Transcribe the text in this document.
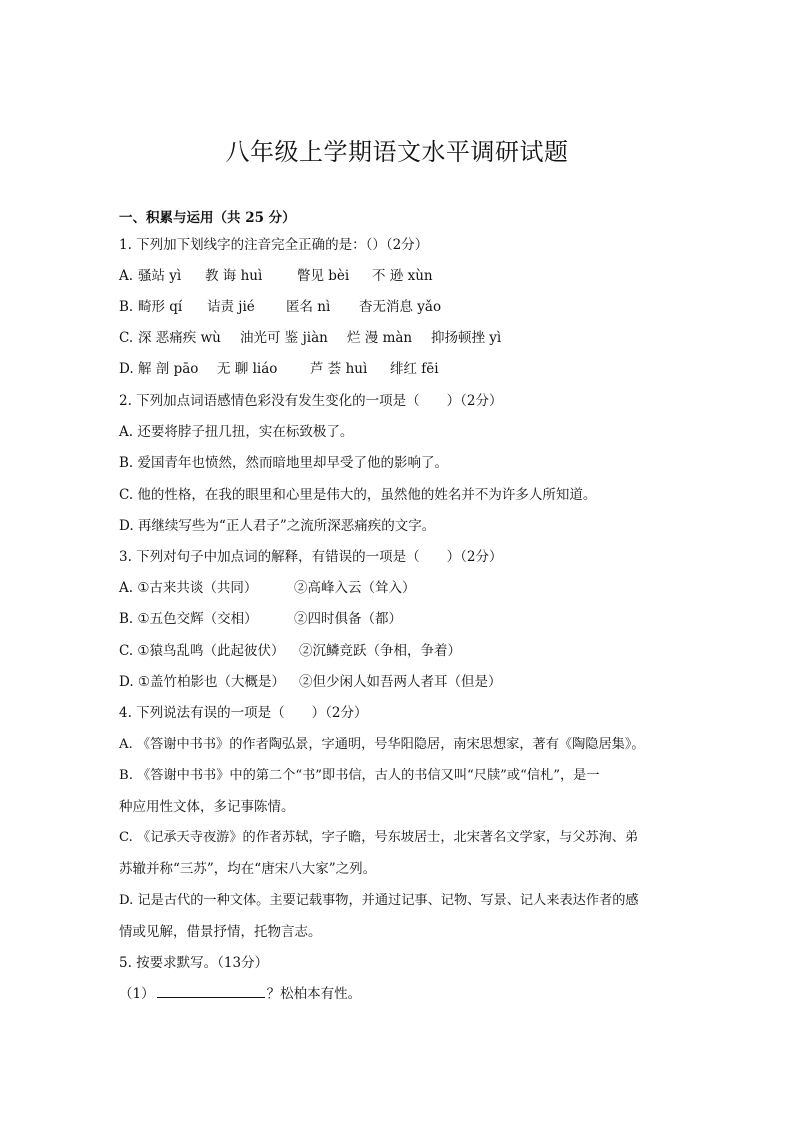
八年级上学期语文水平调研试题
一、积累与运用（共 25 分）
1. 下列加下划线字的注音完全正确的是：（）（2分）
A. 骚站 yì 教 诲 huì	瞥见 bèi 不 逊 xùn
B. 畸形 qí 诘责 jié 匿名 nì 杳无消息 yǎo
C. 深 恶痛疾 wù 油光可 鉴 jiàn 烂 漫 màn 抑扬顿挫 yì
D. 解 剖 pāo 无 聊 liáo 芦 荟 huì 绯红 fēi
2. 下列加点词语感情色彩没有发生变化的一项是（　　）（2分）
A. 还要将脖子扭几扭，实在标致极了。
B. 爱国青年也愤然，然而暗地里却早受了他的影响了。
C. 他的性格，在我的眼里和心里是伟大的，虽然他的姓名并不为许多人所知道。
D. 再继续写些为“正人君子”之流所深恶痛疾的文字。
3. 下列对句子中加点词的解释，有错误的一项是（　　）（2分）
A. ①古来共谈（共同）	②高峰入云（耸入）
B. ①五色交辉（交相）	②四时俱备（都）
C. ①猿鸟乱鸣（此起彼伏） ②沉鳞竞跃（争相，争着）
D. ①盖竹柏影也（大概是） ②但少闲人如吾两人者耳（但是）
4. 下列说法有误的一项是（　　）（2分）
A. 《答谢中书书》的作者陶弘景，字通明，号华阳隐居，南宋思想家，著有《陶隐居集》。
B. 《答谢中书书》中的第二个“书”即书信，古人的书信又叫“尺牍”或“信札”，是一
种应用性文体，多记事陈情。
C. 《记承天寺夜游》的作者苏轼，字子瞻，号东坡居士，北宋著名文学家，与父苏洵、弟
苏辙并称“三苏”，均在“唐宋八大家”之列。
D. 记是古代的一种文体。主要记载事物，并通过记事、记物、写景、记人来表达作者的感
情或见解，借景抒情，托物言志。
5. 按要求默写。（13分）
（1）	？松柏本有性。
